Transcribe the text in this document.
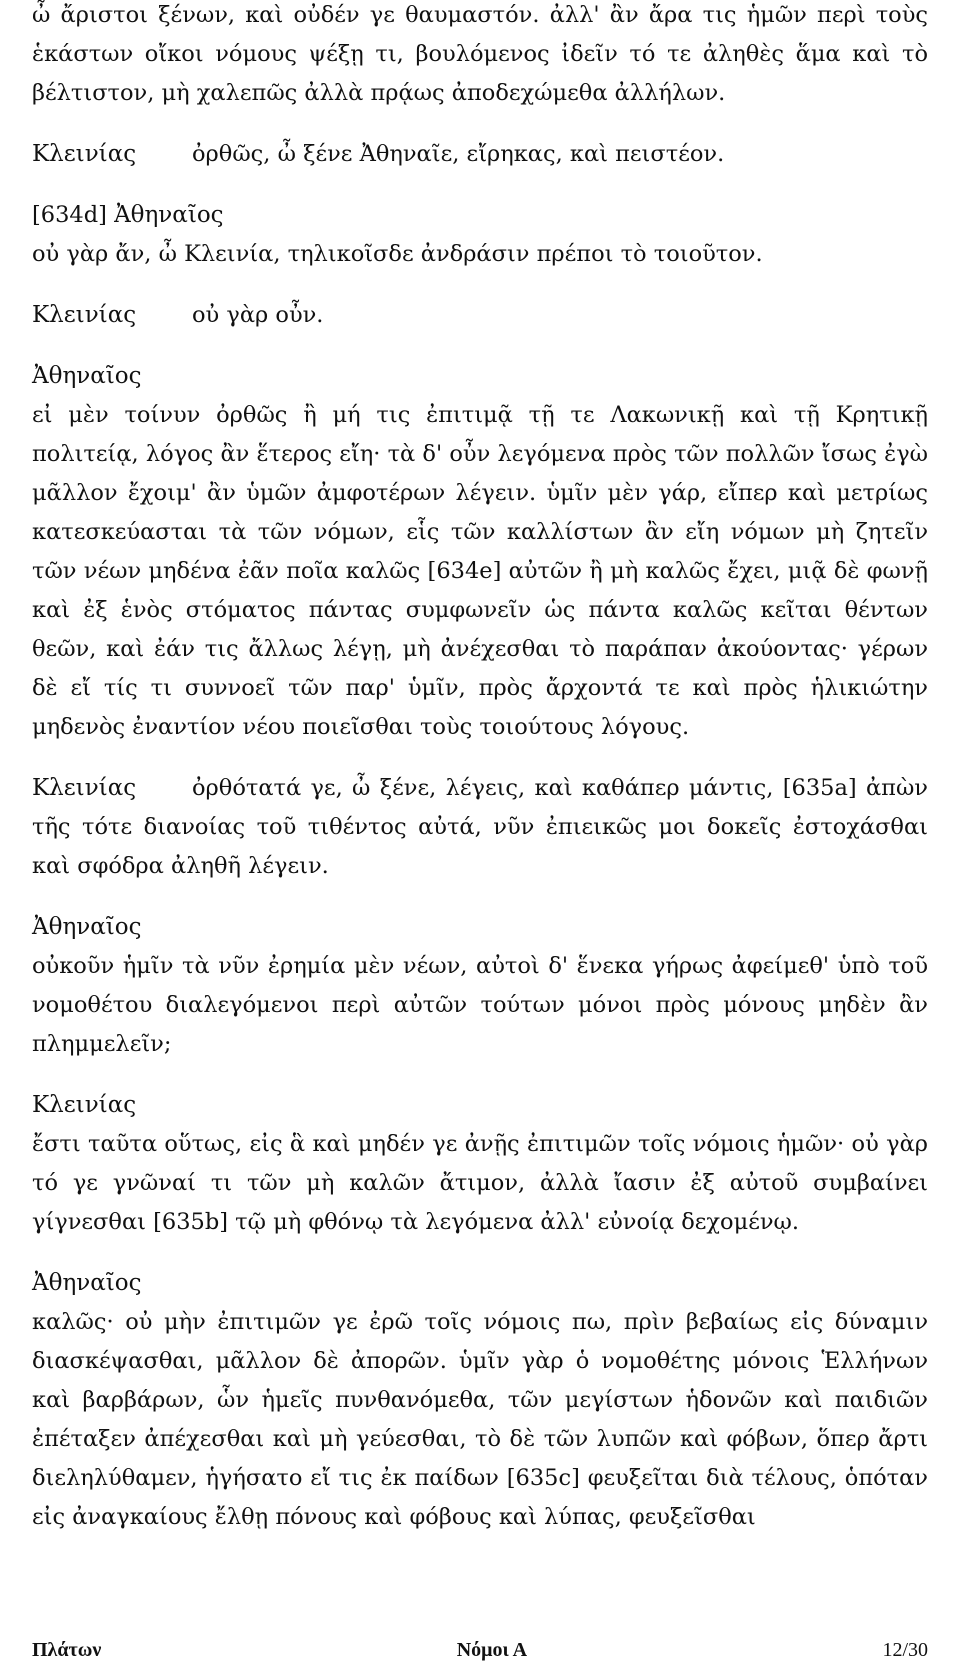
ὦ ἄριστοι ξένων, καὶ οὐδέν γε θαυμαστόν. ἀλλ' ἂν ἄρα τις ἡμῶν περὶ τοὺς ἑκάστων οἴκοι νόμους ψέξῃ τι, βουλόμενος ἰδεῖν τό τε ἀληθὲς ἅμα καὶ τὸ βέλτιστον, μὴ χαλεπῶς ἀλλὰ πρᾴως ἀποδεχώμεθα ἀλλήλων.
Κλεινίας ὀρθῶς, ὦ ξένε Ἀθηναῖε, εἴρηκας, καὶ πειστέον.
[634d] Ἀθηναῖος
οὐ γὰρ ἄν, ὦ Κλεινία, τηλικοῖσδε ἀνδράσιν πρέποι τὸ τοιοῦτον.
Κλεινίας οὐ γὰρ οὖν.
Ἀθηναῖος
εἰ μὲν τοίνυν ὀρθῶς ἢ μή τις ἐπιτιμᾷ τῇ τε Λακωνικῇ καὶ τῇ Κρητικῇ πολιτείᾳ, λόγος ἂν ἕτερος εἴη· τὰ δ' οὖν λεγόμενα πρὸς τῶν πολλῶν ἴσως ἐγὼ μᾶλλον ἔχοιμ' ἂν ὑμῶν ἀμφοτέρων λέγειν. ὑμῖν μὲν γάρ, εἴπερ καὶ μετρίως κατεσκεύασται τὰ τῶν νόμων, εἷς τῶν καλλίστων ἂν εἴη νόμων μὴ ζητεῖν τῶν νέων μηδένα ἐᾶν ποῖα καλῶς [634e] αὐτῶν ἢ μὴ καλῶς ἔχει, μιᾷ δὲ φωνῇ καὶ ἐξ ἑνὸς στόματος πάντας συμφωνεῖν ὡς πάντα καλῶς κεῖται θέντων θεῶν, καὶ ἐάν τις ἄλλως λέγῃ, μὴ ἀνέχεσθαι τὸ παράπαν ἀκούοντας· γέρων δὲ εἴ τίς τι συννοεῖ τῶν παρ' ὑμῖν, πρὸς ἄρχοντά τε καὶ πρὸς ἡλικιώτην μηδενὸς ἐναντίον νέου ποιεῖσθαι τοὺς τοιούτους λόγους.
Κλεινίας ὀρθότατά γε, ὦ ξένε, λέγεις, καὶ καθάπερ μάντις, [635a] ἀπὼν τῆς τότε διανοίας τοῦ τιθέντος αὐτά, νῦν ἐπιεικῶς μοι δοκεῖς ἐστοχάσθαι καὶ σφόδρα ἀληθῆ λέγειν.
Ἀθηναῖος
οὐκοῦν ἡμῖν τὰ νῦν ἐρημία μὲν νέων, αὐτοὶ δ' ἕνεκα γήρως ἀφείμεθ' ὑπὸ τοῦ νομοθέτου διαλεγόμενοι περὶ αὐτῶν τούτων μόνοι πρὸς μόνους μηδὲν ἂν πλημμελεῖν;
Κλεινίας
ἔστι ταῦτα οὕτως, εἰς ἃ καὶ μηδέν γε ἀνῇς ἐπιτιμῶν τοῖς νόμοις ἡμῶν· οὐ γὰρ τό γε γνῶναί τι τῶν μὴ καλῶν ἄτιμον, ἀλλὰ ἴασιν ἐξ αὐτοῦ συμβαίνει γίγνεσθαι [635b] τῷ μὴ φθόνῳ τὰ λεγόμενα ἀλλ' εὐνοίᾳ δεχομένῳ.
Ἀθηναῖος
καλῶς· οὐ μὴν ἐπιτιμῶν γε ἐρῶ τοῖς νόμοις πω, πρὶν βεβαίως εἰς δύναμιν διασκέψασθαι, μᾶλλον δὲ ἀπορῶν. ὑμῖν γὰρ ὁ νομοθέτης μόνοις Ἑλλήνων καὶ βαρβάρων, ὧν ἡμεῖς πυνθανόμεθα, τῶν μεγίστων ἡδονῶν καὶ παιδιῶν ἐπέταξεν ἀπέχεσθαι καὶ μὴ γεύεσθαι, τὸ δὲ τῶν λυπῶν καὶ φόβων, ὅπερ ἄρτι διεληλύθαμεν, ἡγήσατο εἴ τις ἐκ παίδων [635c] φευξεῖται διὰ τέλους, ὁπόταν εἰς ἀναγκαίους ἔλθῃ πόνους καὶ φόβους καὶ λύπας, φευξεῖσθαι
Πλάτων	Νόμοι Α	12/30
